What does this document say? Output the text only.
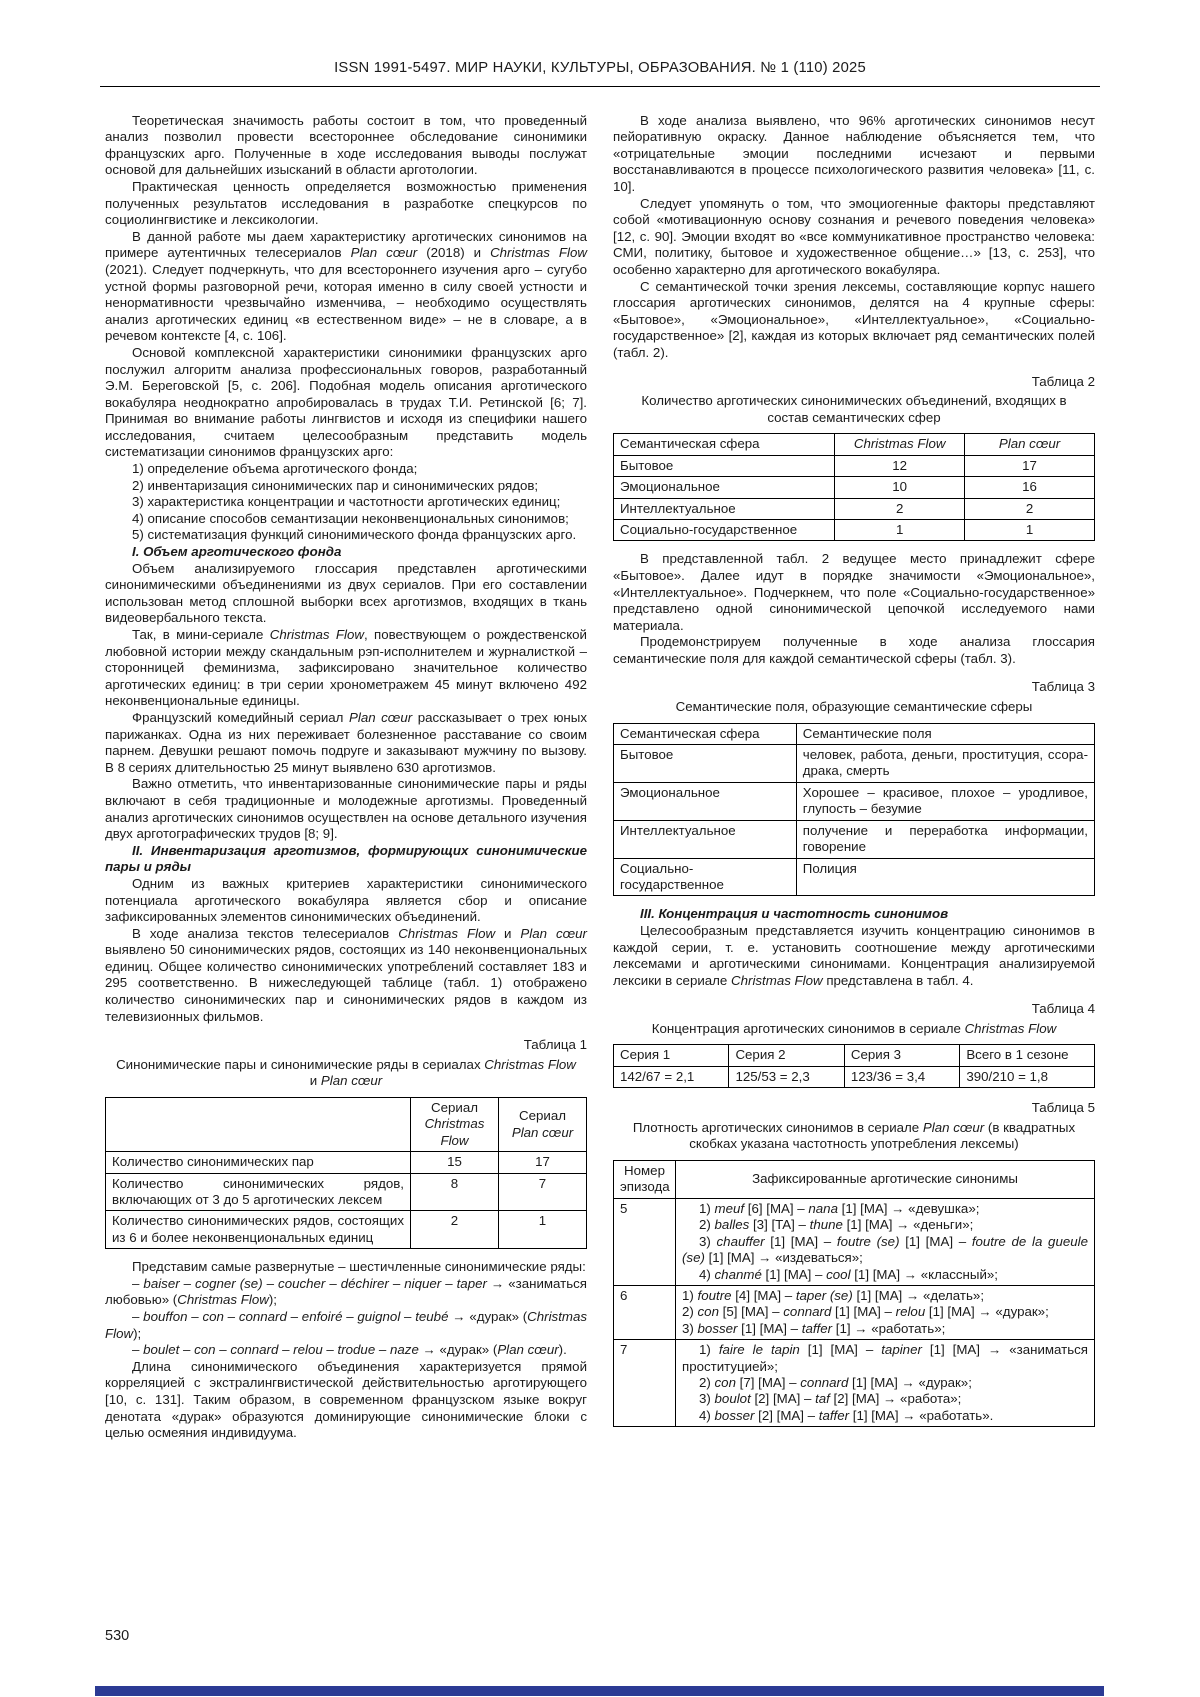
ISSN 1991-5497. МИР НАУКИ, КУЛЬТУРЫ, ОБРАЗОВАНИЯ. № 1 (110) 2025

Теоретическая значимость работы состоит в том, что проведенный анализ позволил провести всестороннее обследование синонимики французских арго. Полученные в ходе исследования выводы послужат основой для дальнейших изысканий в области арготологии.

Практическая ценность определяется возможностью применения полученных результатов исследования в разработке спецкурсов по социолингвистике и лексикологии.

В данной работе мы даем характеристику арготических синонимов на примере аутентичных телесериалов Plan cœur (2018) и Christmas Flow (2021). Следует подчеркнуть, что для всестороннего изучения арго – сугубо устной формы разговорной речи, которая именно в силу своей устности и ненормативности чрезвычайно изменчива, – необходимо осуществлять анализ арготических единиц «в естественном виде» – не в словаре, а в речевом контексте [4, с. 106].

Основой комплексной характеристики синонимики французских арго послужил алгоритм анализа профессиональных говоров, разработанный Э.М. Береговской [5, с. 206]. Подобная модель описания арготического вокабуляра неоднократно апробировалась в трудах Т.И. Ретинской [6; 7]. Принимая во внимание работы лингвистов и исходя из специфики нашего исследования, считаем целесообразным представить модель систематизации синонимов французских арго:

1) определение объема арготического фонда;

2) инвентаризация синонимических пар и синонимических рядов;

3) характеристика концентрации и частотности арготических единиц;

4) описание способов семантизации неконвенциональных синонимов;

5) систематизация функций синонимического фонда французских арго.

I. Объем арготического фонда

Объем анализируемого глоссария представлен арготическими синонимическими объединениями из двух сериалов. При его составлении использован метод сплошной выборки всех арготизмов, входящих в ткань видеовербального текста.

Так, в мини-сериале Christmas Flow, повествующем о рождественской любовной истории между скандальным рэп-исполнителем и журналисткой – сторонницей феминизма, зафиксировано значительное количество арготических единиц: в три серии хронометражем 45 минут включено 492 неконвенциональные единицы.

Французский комедийный сериал Plan cœur рассказывает о трех юных парижанках. Одна из них переживает болезненное расставание со своим парнем. Девушки решают помочь подруге и заказывают мужчину по вызову. В 8 сериях длительностью 25 минут выявлено 630 арготизмов.

Важно отметить, что инвентаризованные синонимические пары и ряды включают в себя традиционные и молодежные арготизмы. Проведенный анализ арготических синонимов осуществлен на основе детального изучения двух арготографических трудов [8; 9].

II. Инвентаризация арготизмов, формирующих синонимические пары и ряды

Одним из важных критериев характеристики синонимического потенциала арготического вокабуляра является сбор и описание зафиксированных элементов синонимических объединений.

В ходе анализа текстов телесериалов Christmas Flow и Plan cœur выявлено 50 синонимических рядов, состоящих из 140 неконвенциональных единиц. Общее количество синонимических употреблений составляет 183 и 295 соответственно. В нижеследующей таблице (табл. 1) отображено количество синонимических пар и синонимических рядов в каждом из телевизионных фильмов.

Таблица 1
Синонимические пары и синонимические ряды в сериалах Christmas Flow и Plan cœur
	Сериал Christmas Flow	Сериал Plan cœur
Количество синонимических пар	15	17
Количество синонимических рядов, включающих от 3 до 5 арготических лексем	8	7
Количество синонимических рядов, состоящих из 6 и более неконвенциональных единиц	2	1

Представим самые развернутые – шестичленные синонимические ряды:

– baiser – cogner (se) – coucher – déchirer – niquer – taper → «заниматься любовью» (Christmas Flow);

– bouffon – con – connard – enfoiré – guignol – teubé → «дурак» (Christmas Flow);

– boulet – con – connard – relou – trodue – naze → «дурак» (Plan cœur).

Длина синонимического объединения характеризуется прямой корреляцией с экстралингвистической действительностью арготирующего [10, с. 131]. Таким образом, в современном французском языке вокруг денотата «дурак» образуются доминирующие синонимические блоки с целью осмеяния индивидуума.

В ходе анализа выявлено, что 96% арготических синонимов несут пейоративную окраску. Данное наблюдение объясняется тем, что «отрицательные эмоции последними исчезают и первыми восстанавливаются в процессе психологического развития человека» [11, с. 10].

Следует упомянуть о том, что эмоциогенные факторы представляют собой «мотивационную основу сознания и речевого поведения человека» [12, с. 90]. Эмоции входят во «все коммуникативное пространство человека: СМИ, политику, бытовое и художественное общение…» [13, с. 253], что особенно характерно для арготического вокабуляра.

С семантической точки зрения лексемы, составляющие корпус нашего глоссария арготических синонимов, делятся на 4 крупные сферы: «Бытовое», «Эмоциональное», «Интеллектуальное», «Социально-государственное» [2], каждая из которых включает ряд семантических полей (табл. 2).

Таблица 2
Количество арготических синонимических объединений, входящих в состав семантических сфер
Семантическая сфера	Christmas Flow	Plan cœur
Бытовое	12	17
Эмоциональное	10	16
Интеллектуальное	2	2
Социально-государственное	1	1

В представленной табл. 2 ведущее место принадлежит сфере «Бытовое». Далее идут в порядке значимости «Эмоциональное», «Интеллектуальное». Подчеркнем, что поле «Социально-государственное» представлено одной синонимической цепочкой исследуемого нами материала.

Продемонстрируем полученные в ходе анализа глоссария семантические поля для каждой семантической сферы (табл. 3).

Таблица 3
Семантические поля, образующие семантические сферы
Семантическая сфера	Семантические поля
Бытовое	человек, работа, деньги, проституция, ссора-драка, смерть
Эмоциональное	Хорошее – красивое, плохое – уродливое, глупость – безумие
Интеллектуальное	получение и переработка информации, говорение
Социально-государственное	Полиция

III. Концентрация и частотность синонимов

Целесообразным представляется изучить концентрацию синонимов в каждой серии, т. е. установить соотношение между арготическими лексемами и арготическими синонимами. Концентрация анализируемой лексики в сериале Christmas Flow представлена в табл. 4.

Таблица 4
Концентрация арготических синонимов в сериале Christmas Flow
Серия 1	Серия 2	Серия 3	Всего в 1 сезоне
142/67 = 2,1	125/53 = 2,3	123/36 = 3,4	390/210 = 1,8
Таблица 5
Плотность арготических синонимов в сериале Plan cœur (в квадратных скобках указана частотность употребления лексемы)
Номер эпизода	Зафиксированные арготические синонимы
5	1) meuf [6] [MA] – nana [1] [MA] → «девушка»;
2) balles [3] [TA] – thune [1] [MA] → «деньги»;
3) chauffer [1] [MA] – foutre (se) [1] [MA] – foutre de la gueule (se) [1] [MA] → «издеваться»;
4) chanmé [1] [MA] – cool [1] [MA] → «классный»;

6	1) foutre [4] [MA] – taper (se) [1] [MA] → «делать»;
2) con [5] [MA] – connard [1] [MA] – relou [1] [MA] → «дурак»;
3) bosser [1] [MA] – taffer [1] → «работать»;

7	1) faire le tapin [1] [MA] – tapiner [1] [MA] → «заниматься проституцией»;
2) con [7] [MA] – connard [1] [MA] → «дурак»;
3) boulot [2] [MA] – taf [2] [MA] → «работа»;
4) bosser [2] [MA] – taffer [1] [MA] → «работать».
530
